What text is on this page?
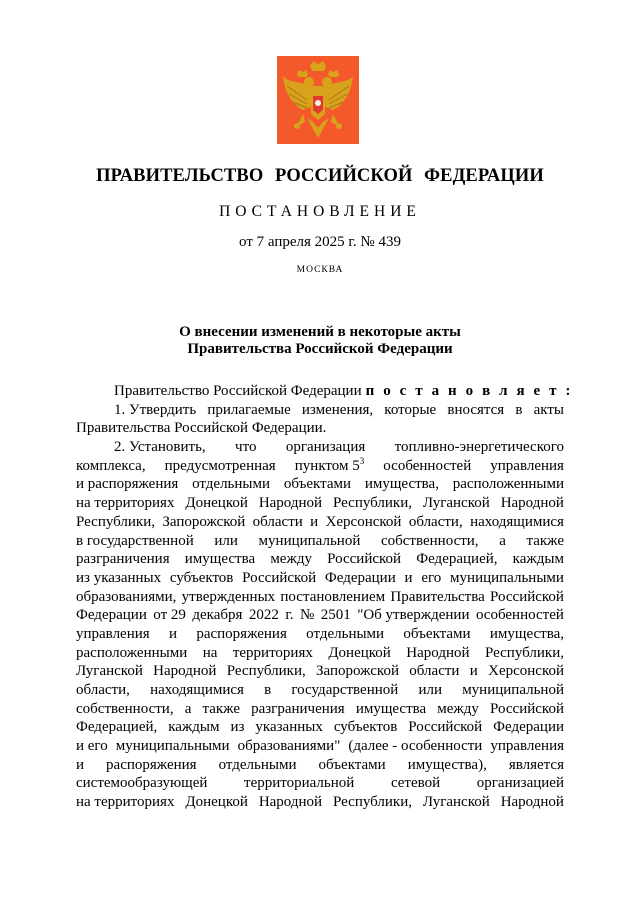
ПРАВИТЕЛЬСТВО РОССИЙСКОЙ ФЕДЕРАЦИИ
ПОСТАНОВЛЕНИЕ
от 7 апреля 2025 г. № 439
МОСКВА
О внесении изменений в некоторые акты
Правительства Российской Федерации
Правительство Российской Федерации п о с т а н о в л я е т :
1. Утвердить прилагаемые изменения, которые вносятся в акты
Правительства Российской Федерации.
2. Установить, что организация топливно-энергетического
комплекса, предусмотренная пунктом $5^3$ особенностей управления
и распоряжения отдельными объектами имущества, расположенными
на территориях Донецкой Народной Республики, Луганской Народной
Республики, Запорожской области и Херсонской области, находящимися
в государственной или муниципальной собственности, а также
разграничения имущества между Российской Федерацией, каждым
из указанных субъектов Российской Федерации и его муниципальными
образованиями, утвержденных постановлением Правительства Российской
Федерации от 29 декабря 2022 г. № 2501 "Об утверждении особенностей
управления и распоряжения отдельными объектами имущества,
расположенными на территориях Донецкой Народной Республики,
Луганской Народной Республики, Запорожской области и Херсонской
области, находящимися в государственной или муниципальной
собственности, а также разграничения имущества между Российской
Федерацией, каждым из указанных субъектов Российской Федерации
и его муниципальными образованиями" (далее - особенности управления
и распоряжения отдельными объектами имущества), является
системообразующей территориальной сетевой организацией
на территориях Донецкой Народной Республики, Луганской Народной
